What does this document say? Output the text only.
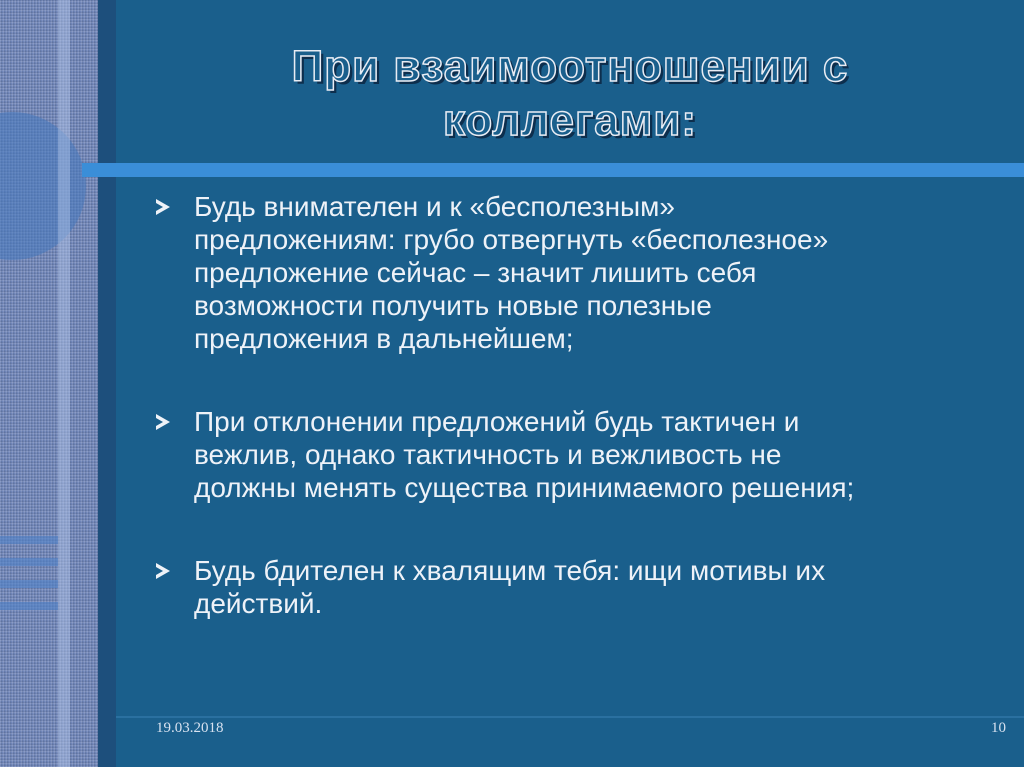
При взаимоотношении с
коллегами:
Будь внимателен и к «бесполезным»
предложениям: грубо отвергнуть «бесполезное»
предложение сейчас – значит лишить себя
возможности получить новые полезные
предложения в дальнейшем;
При отклонении предложений будь тактичен и
вежлив, однако тактичность и вежливость не
должны менять существа принимаемого решения;
Будь бдителен к хвалящим тебя: ищи мотивы их
действий.
19.03.2018	10
